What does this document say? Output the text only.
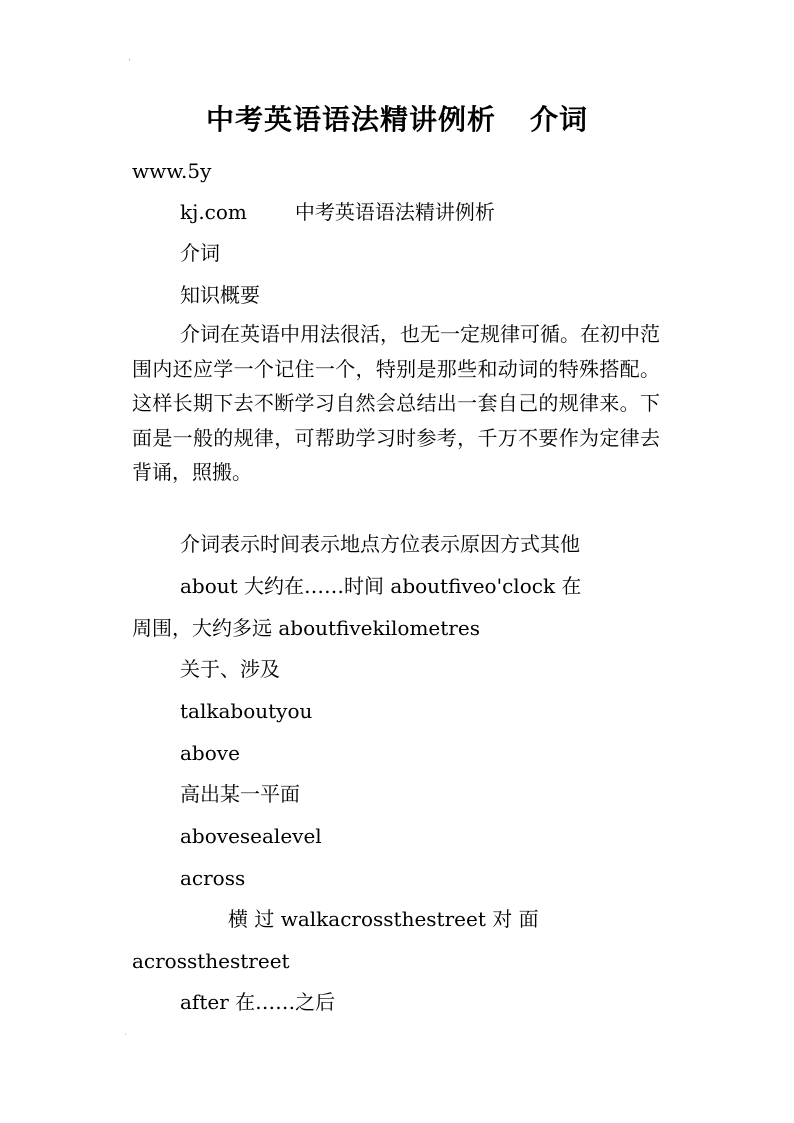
'
中考英语语法精讲例析 介词
www.5y
kj.com 中考英语语法精讲例析
介词
知识概要
介词在英语中用法很活，也无一定规律可循。在初中范围内还应学一个记住一个，特别是那些和动词的特殊搭配。这样长期下去不断学习自然会总结出一套自己的规律来。下面是一般的规律，可帮助学习时参考，千万不要作为定律去背诵，照搬。
介词表示时间表示地点方位表示原因方式其他
about 大约在……时间 aboutfiveo'clock 在
周围，大约多远 aboutfivekilometres
关于、涉及
talkaboutyou
above
高出某一平面
abovesealevel
across
横 过 walkacrossthestreet 对 面
acrossthestreet
after 在……之后
·
